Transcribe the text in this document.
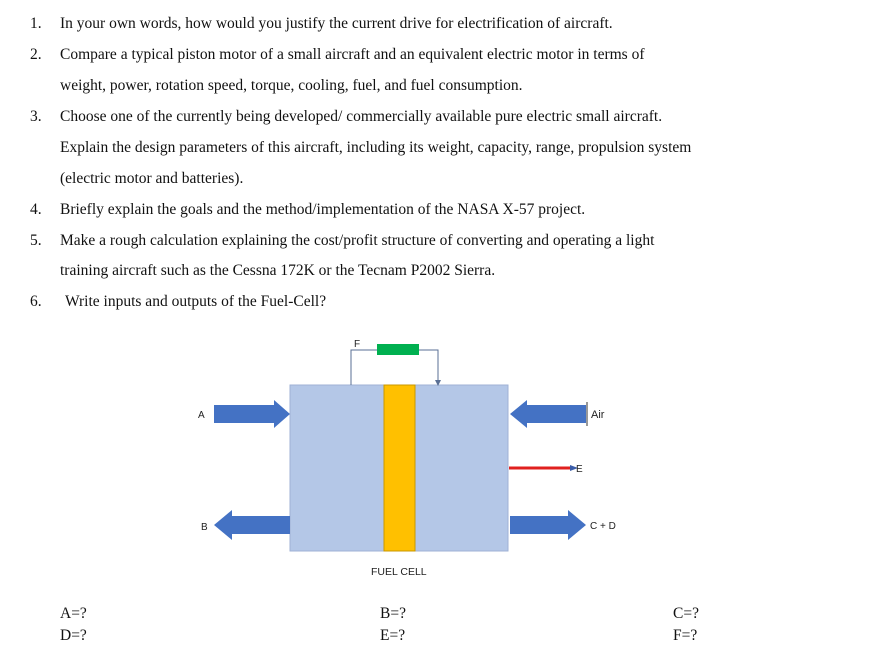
1. In your own words, how would you justify the current drive for electrification of aircraft.
2. Compare a typical piston motor of a small aircraft and an equivalent electric motor in terms of
weight, power, rotation speed, torque, cooling, fuel, and fuel consumption.
3. Choose one of the currently being developed/ commercially available pure electric small aircraft.
Explain the design parameters of this aircraft, including its weight, capacity, range, propulsion system
(electric motor and batteries).
4. Briefly explain the goals and the method/implementation of the NASA X-57 project.
5. Make a rough calculation explaining the cost/profit structure of converting and operating a light
training aircraft such as the Cessna 172K or the Tecnam P2002 Sierra.
6. Write inputs and outputs of the Fuel-Cell?
F
A
B
Air
E
C + D
FUEL CELL
A=?
D=?
B=?
E=?
C=?
F=?
